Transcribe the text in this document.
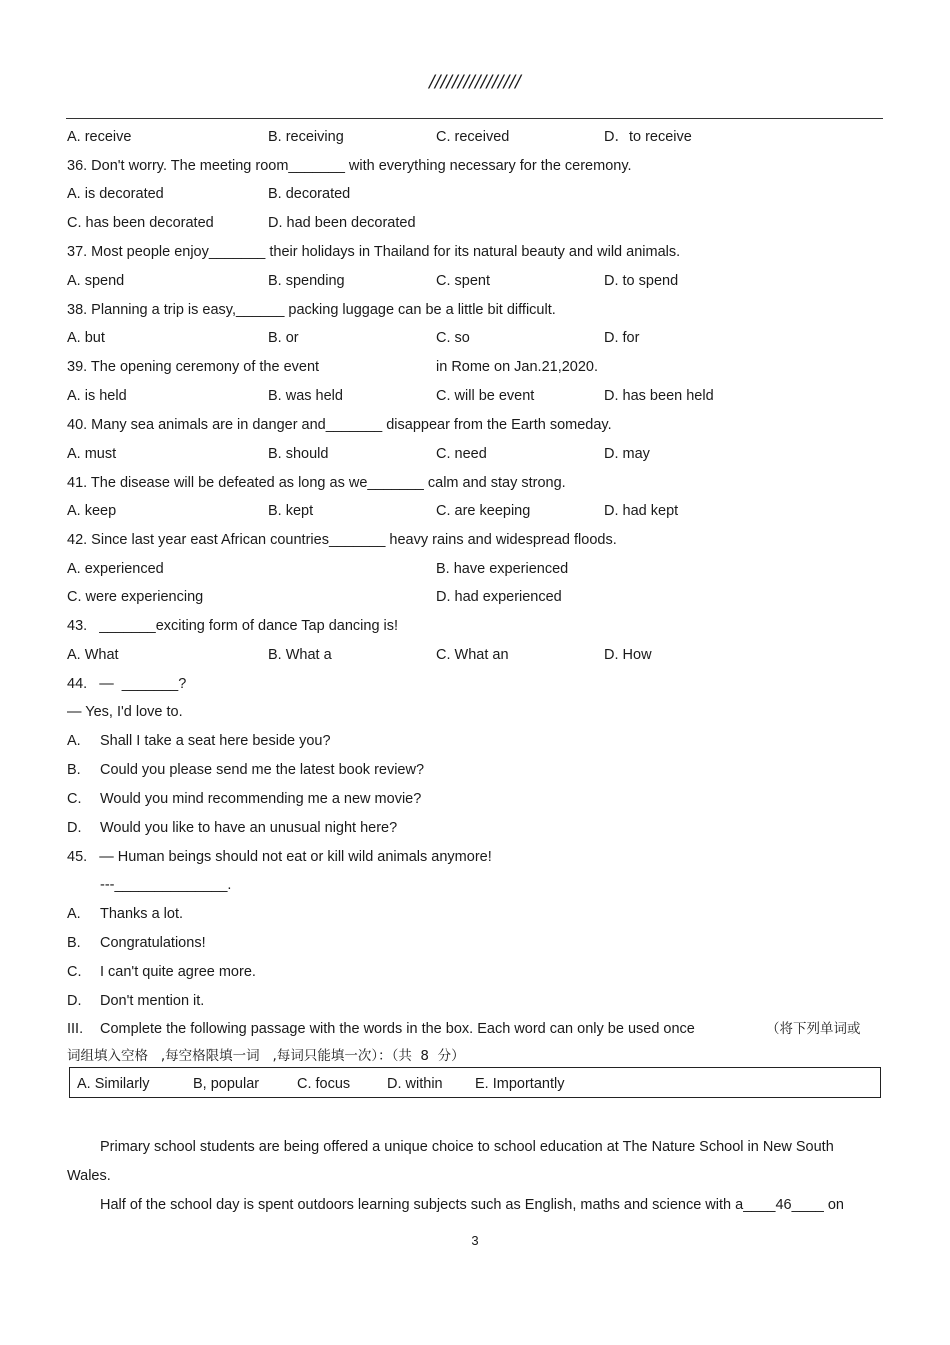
////////////////
A. receive	B. receiving	C. received	D．to receive
36. Don't worry. The meeting room_______ with everything necessary for the ceremony.
A. is decorated	B. decorated
C. has been decorated	D. had been decorated
37. Most people enjoy_______ their holidays in Thailand for its natural beauty and wild animals.
A. spend	B. spending	C. spent	D. to spend
38. Planning a trip is easy,______ packing luggage can be a little bit difficult.
A. but	B. or	C. so	D. for
39. The opening ceremony of the event	in Rome on Jan.21,2020.
A. is held	B. was held	C. will be event	D. has been held
40. Many sea animals are in danger and_______ disappear from the Earth someday.
A. must	B. should	C. need	D. may
41. The disease will be defeated as long as we_______ calm and stay strong.
A. keep	B. kept	C. are keeping	D. had kept
42. Since last year east African countries_______ heavy rains and widespread floods.
A. experienced	B. have experienced
C. were experiencing	D. had experienced
43.   _______exciting form of dance Tap dancing is!
A. What	B. What a	C. What an	D. How
44.   —  _______?
— Yes, I'd love to.
A. Shall I take a seat here beside you?
B. Could you please send me the latest book review?
C. Would you mind recommending me a new movie?
D. Would you like to have an unusual night here?
45.   — Human beings should not eat or kill wild animals anymore!
---______________.
A. Thanks a lot.
B. Congratulations!
C. I can't quite agree more.
D. Don't mention it.
III. Complete the following passage with the words in the box. Each word can only be used once	（将下列单词或
词组填入空格   ,每空格限填一词   ,每词只能填一次）：（共  8  分）
A. Similarly	B, popular	C. focus	D. within E. Importantly
Primary school students are being offered a unique choice to school education at The Nature School in New South
Wales.
Half of the school day is spent outdoors learning subjects such as English, maths and science with a____46____ on
3
